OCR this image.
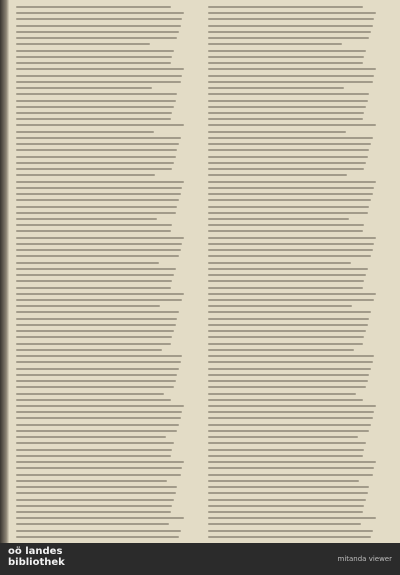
oö landes
bibliothek	mitanda viewer
